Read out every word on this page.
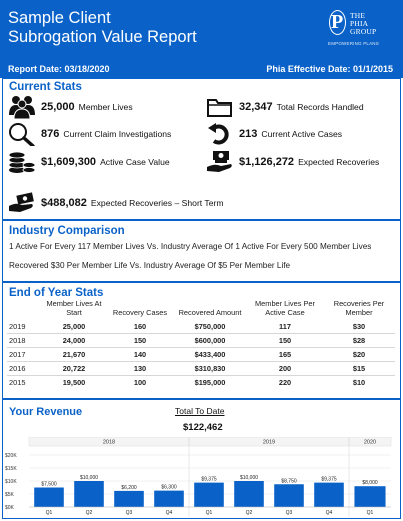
Sample Client
Subrogation Value Report
P THE
PHIA
GROUP
EMPOWERING PLANS
Report Date: 03/18/2020	Phia Effective Date: 01/1/2015
Current Stats
25,000 Member Lives	32,347 Total Records Handled
876 Current Claim Investigations	213 Current Active Cases
$1,609,300 Active Case Value	$1,126,272 Expected Recoveries
$488,082 Expected Recoveries – Short Term
Industry Comparison
1 Active For Every 117 Member Lives Vs. Industry Average Of 1 Active For Every 500 Member Lives
Recovered $30 Per Member Life Vs. Industry Average Of $5 Per Member Life
End of Year Stats
	Member Lives At Start	Recovery Cases	Recovered Amount	Member Lives Per Active Case	Recoveries Per Member
2019	25,000	160	$750,000	117	$30
2018	24,000	150	$600,000	150	$28
2017	21,670	140	$433,400	165	$20
2016	20,722	130	$310,830	200	$15
2015	19,500	100	$195,000	220	$10
Your Revenue	Total To Date
$122,462
$0K
$5K
$10K
$15K
$20K
2018
$7,500
Q1
$10,000
Q2
$6,200
Q3
$6,300
Q4
2019
$9,375
Q1
$10,000
Q2
$8,750
Q3
$9,375
Q4
2020
$8,000
Q1
